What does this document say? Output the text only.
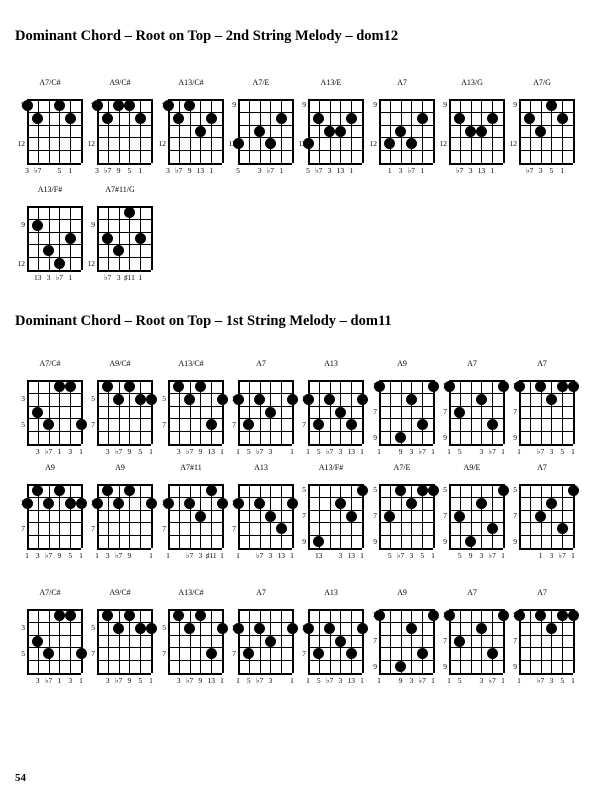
Dominant Chord – Root on Top – 2nd String Melody – dom12
A7/C#
9
12
3 ♭7	5 1
A9/C#
9
12
3 ♭7 9 5 1
A13/C#
9
12
3 ♭7 9 13 1
A7/E
9
12
5	3 ♭7 1
A13/E
9
12
5 ♭7 3 13 1
A7
9
12
1 3 ♭7 1
A13/G
9
12
♭7 3 13 1
A7/G
9
12
♭7 3 5 1
A13/F#
9
12
13 3 ♭7 1
A7#11/G
9
12
♭7 3 ♯11 1
Dominant Chord – Root on Top – 1st String Melody – dom11
A7/C#
3
5
3 ♭7 1 3 1
A9/C#
5
7
3 ♭7 9 5 1
A13/C#
5
7
3 ♭7 9 13 1
A7
5
7
1 5 ♭7 3	1
A13
5
7
1 5 ♭7 3 13 1
A9
5
7
9
1	9 3 ♭7 1
A7
5
7
9
1 5	3 ♭7 1
A7
5
7
9
1	♭7 3 5 1
A9
5
7
1 3 ♭7 9 5 1
A9
5
7
1 3 ♭7 9	1
A7#11
5
7
1	♭7 3 ♯11 1
A13
5
7
1	♭7 3 13 1
A13/F#
5
7
9
13	3 13 1
A7/E
5
7
9
5 ♭7 3 5 1
A9/E
5
7
9
5 9 3 ♭7 1
A7
5
7
9
1 3 ♭7 1
A7/C#
3
5
3 ♭7 1 3 1
A9/C#
5
7
3 ♭7 9 5 1
A13/C#
5
7
3 ♭7 9 13 1
A7
5
7
1 5 ♭7 3	1
A13
5
7
1 5 ♭7 3 13 1
A9
5
7
9
1	9 3 ♭7 1
A7
5
7
9
1 5	3 ♭7 1
A7
5
7
9
1	♭7 3 5 1
54
